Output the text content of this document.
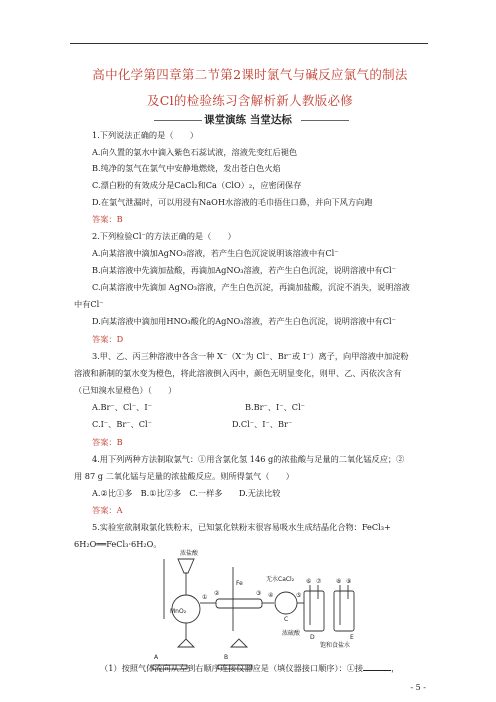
高中化学第四章第二节第2课时氯气与碱反应氯气的制法
及Cl的检验练习含解析新人教版必修
课堂演练 当堂达标
1.下列说法正确的是（　　）
A.向久置的氯水中滴入紫色石蕊试液，溶液先变红后褪色
B.纯净的氢气在氯气中安静地燃烧，发出苍白色火焰
C.漂白粉的有效成分是CaCl₂和Ca（ClO）₂，应密闭保存
D.在氯气泄漏时，可以用浸有NaOH水溶液的毛巾捂住口鼻，并向下风方向跑
答案：B
2.下列检验Cl⁻的方法正确的是（　　）
A.向某溶液中滴加AgNO₃溶液，若产生白色沉淀说明该溶液中有Cl⁻
B.向某溶液中先滴加盐酸，再滴加AgNO₃溶液，若产生白色沉淀，说明溶液中有Cl⁻
C.向某溶液中先滴加 AgNO₃溶液，产生白色沉淀，再滴加盐酸，沉淀不消失，说明溶液
中有Cl⁻
D.向某溶液中滴加用HNO₃酸化的AgNO₃溶液，若产生白色沉淀，说明溶液中有Cl⁻
答案：D
3.甲、乙、丙三种溶液中各含一种 X⁻（X⁻为 Cl⁻、Br⁻或 I⁻）离子，向甲溶液中加淀粉
溶液和新制的氯水变为橙色，将此溶液倒入丙中，颜色无明显变化，则甲、乙、丙依次含有
（已知溴水显橙色）（　　）
A.Br⁻、Cl⁻、I⁻	B.Br⁻、I⁻、Cl⁻
C.I⁻、Br⁻、Cl⁻	D.Cl⁻、I⁻、Br⁻
答案：B
4.用下列两种方法制取氯气：①用含氯化氢 146 g的浓盐酸与足量的二氧化锰反应；②
用 87 g 二氧化锰与足量的浓盐酸反应。则所得氯气（　　）
A.②比①多　B.①比②多　C.一样多　　D.无法比较
答案：A
5.实验室欲制取氯化铁粉末，已知氯化铁粉末很容易吸水生成结晶化合物：FeCl₃+
6H₂O══FeCl₃·6H₂O。
浓盐酸
MnO₂
Fe
无水CaCl₂
浓硫酸
饱和食盐水
A	B
C
D	E
①
②	③ ④	⑤
⑥ ⑦ ⑧ ⑨
（1）按照气体流向从左到右顺序连接仪器应是（填仪器接口顺序）：①接	，
- 5 -
